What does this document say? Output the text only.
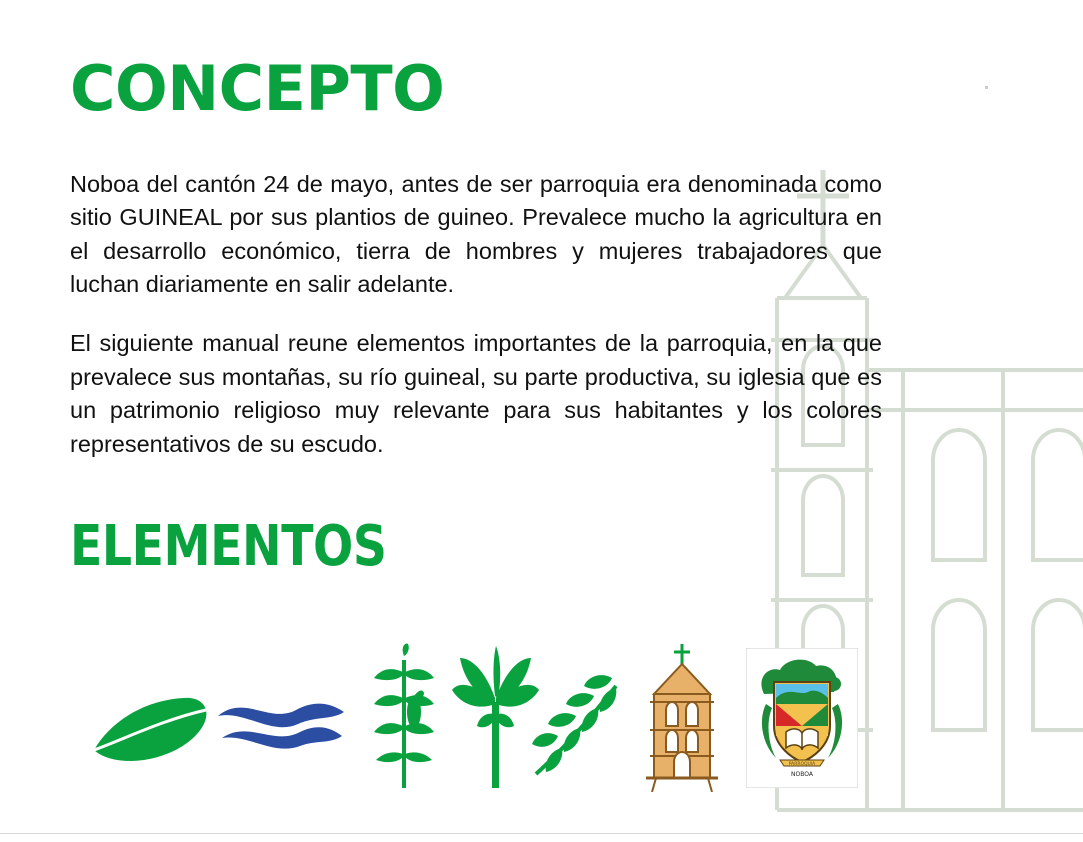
CONCEPTO

Noboa del cantón 24 de mayo, antes de ser parroquia era denominada como sitio GUINEAL por sus plantios de guineo. Prevalece mucho la agricultura en el desarrollo económico, tierra de hombres y mujeres trabajadores que luchan diariamente en salir adelante.

El siguiente manual reune elementos importantes de la parroquia, en la que prevalece sus montañas, su río guineal, su parte productiva, su iglesia que es un patrimonio religioso muy relevante para sus habitantes y los colores representativos de su escudo.

ELEMENTOS
PARROQUIA
NOBOA
